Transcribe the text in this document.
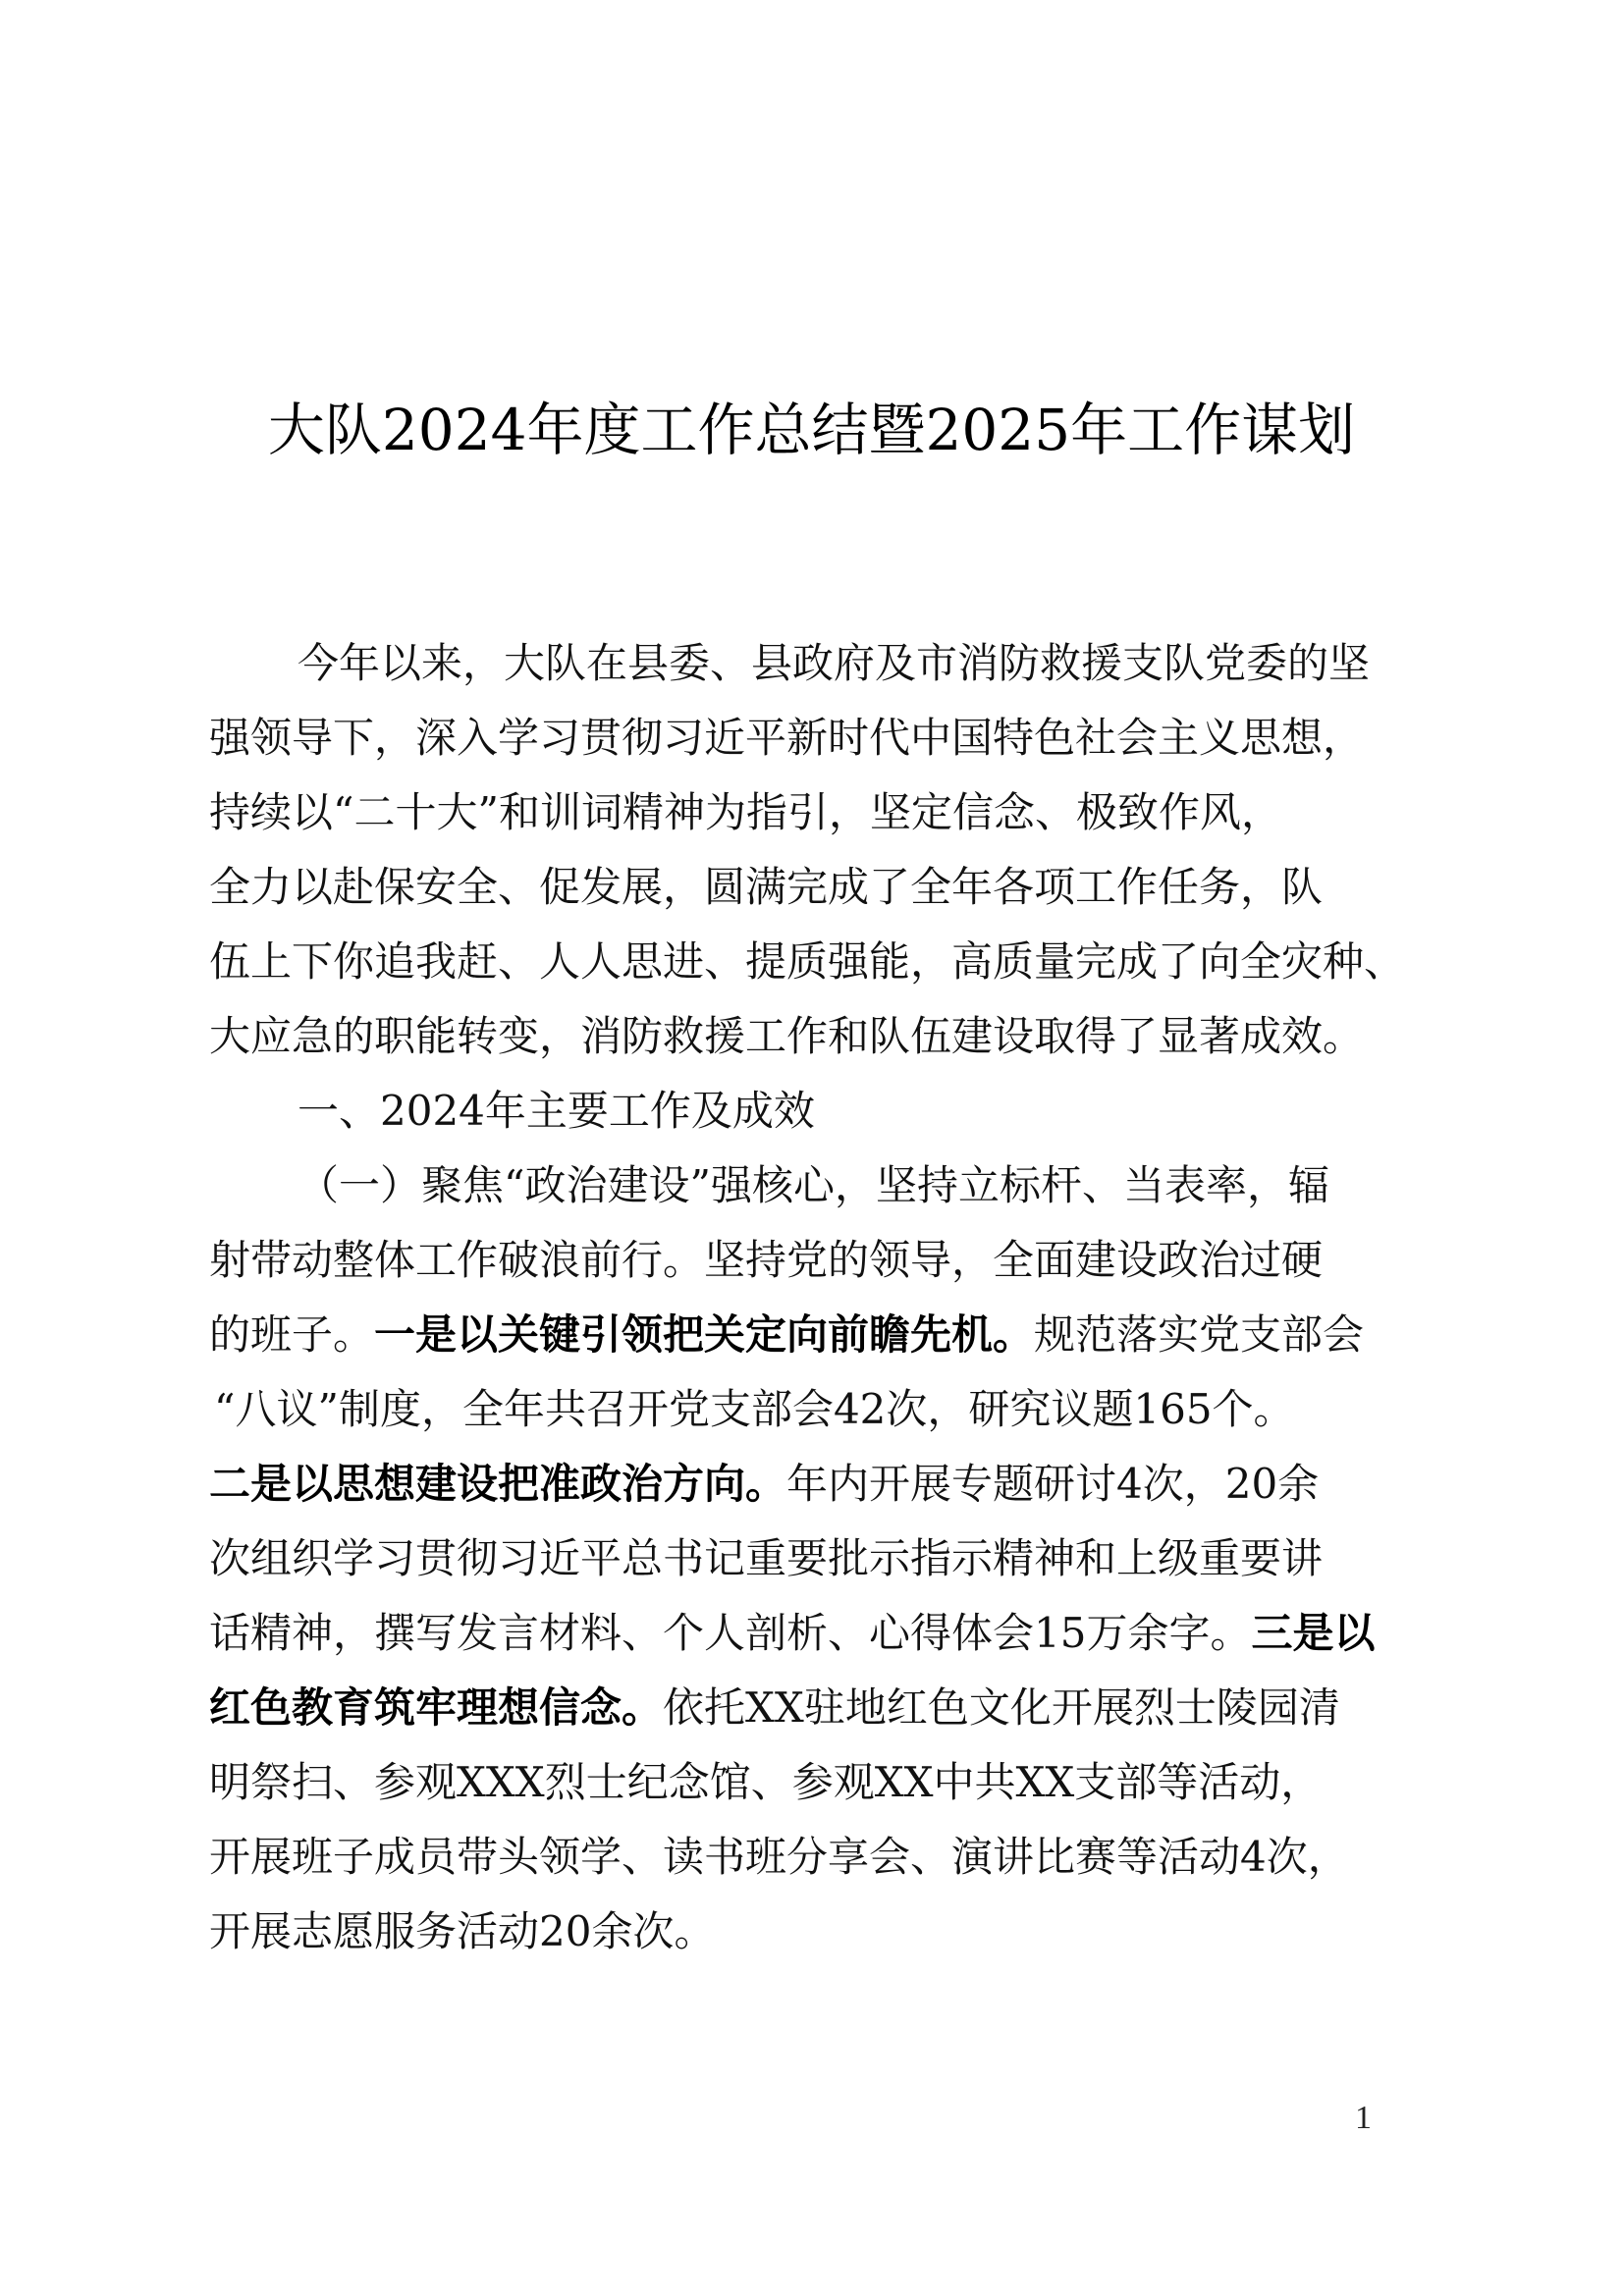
大队2024年度工作总结暨2025年工作谋划
今年以来，大队在县委、县政府及市消防救援支队党委的坚
强领导下，深入学习贯彻习近平新时代中国特色社会主义思想，
持续以“二十大”和训词精神为指引，坚定信念、极致作风，
全力以赴保安全、促发展，圆满完成了全年各项工作任务，队
伍上下你追我赶、人人思进、提质强能，高质量完成了向全灾种、
大应急的职能转变，消防救援工作和队伍建设取得了显著成效。
一、2024年主要工作及成效
（一）聚焦“政治建设”强核心，坚持立标杆、当表率，辐
射带动整体工作破浪前行。坚持党的领导，全面建设政治过硬
的班子。一是以关键引领把关定向前瞻先机。规范落实党支部会
“八议”制度，全年共召开党支部会42次，研究议题165个。
二是以思想建设把准政治方向。年内开展专题研讨4次，20余
次组织学习贯彻习近平总书记重要批示指示精神和上级重要讲
话精神，撰写发言材料、个人剖析、心得体会15万余字。三是以
红色教育筑牢理想信念。依托XX驻地红色文化开展烈士陵园清
明祭扫、参观XXX烈士纪念馆、参观XX中共XX支部等活动，
开展班子成员带头领学、读书班分享会、演讲比赛等活动4次，
开展志愿服务活动20余次。
1
